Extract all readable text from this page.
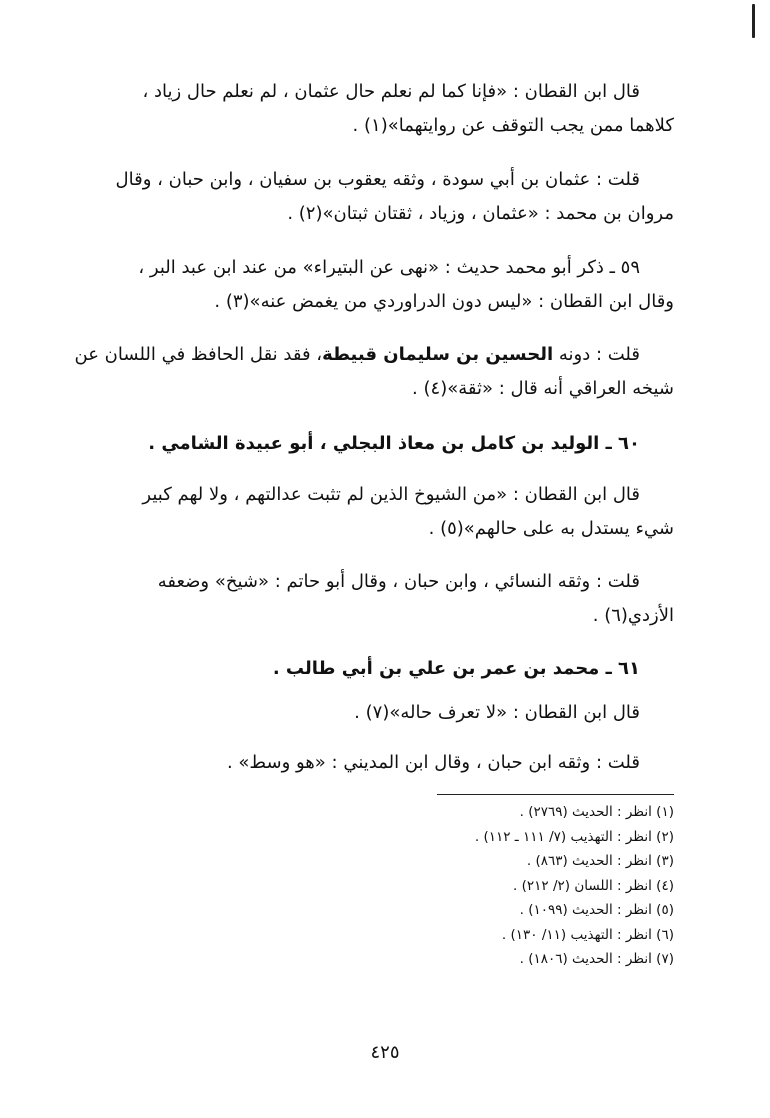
قال ابن القطان : «فإنا كما لم نعلم حال عثمان ، لم نعلم حال زياد ،
كلاهما ممن يجب التوقف عن روايتهما»(١) .
قلت : عثمان بن أبي سودة ، وثقه يعقوب بن سفيان ، وابن حبان ، وقال
مروان بن محمد : «عثمان ، وزياد ، ثقتان ثبتان»(٢) .
٥٩ ـ ذكر أبو محمد حديث : «نهى عن البتيراء» من عند ابن عبد البر ،
وقال ابن القطان : «ليس دون الدراوردي من يغمض عنه»(٣) .
قلت : دونه الحسين بن سليمان قبيطة، فقد نقل الحافظ في اللسان عن
شيخه العراقي أنه قال : «ثقة»(٤) .
٦٠ ـ الوليد بن كامل بن معاذ البجلي ، أبو عبيدة الشامي .
قال ابن القطان : «من الشيوخ الذين لم تثبت عدالتهم ، ولا لهم كبير
شيء يستدل به على حالهم»(٥) .
قلت : وثقه النسائي ، وابن حبان ، وقال أبو حاتم : «شيخ» وضعفه
الأزدي(٦) .
٦١ ـ محمد بن عمر بن علي بن أبي طالب .
قال ابن القطان : «لا تعرف حاله»(٧) .
قلت : وثقه ابن حبان ، وقال ابن المديني : «هو وسط» .
(١) انظر : الحديث (٢٧٦٩) .
(٢) انظر : التهذيب (٧/ ١١١ ـ ١١٢) .
(٣) انظر : الحديث (٨٦٣) .
(٤) انظر : اللسان (٢/ ٢١٢) .
(٥) انظر : الحديث (١٠٩٩) .
(٦) انظر : التهذيب (١١/ ١٣٠) .
(٧) انظر : الحديث (١٨٠٦) .
٤٢٥
